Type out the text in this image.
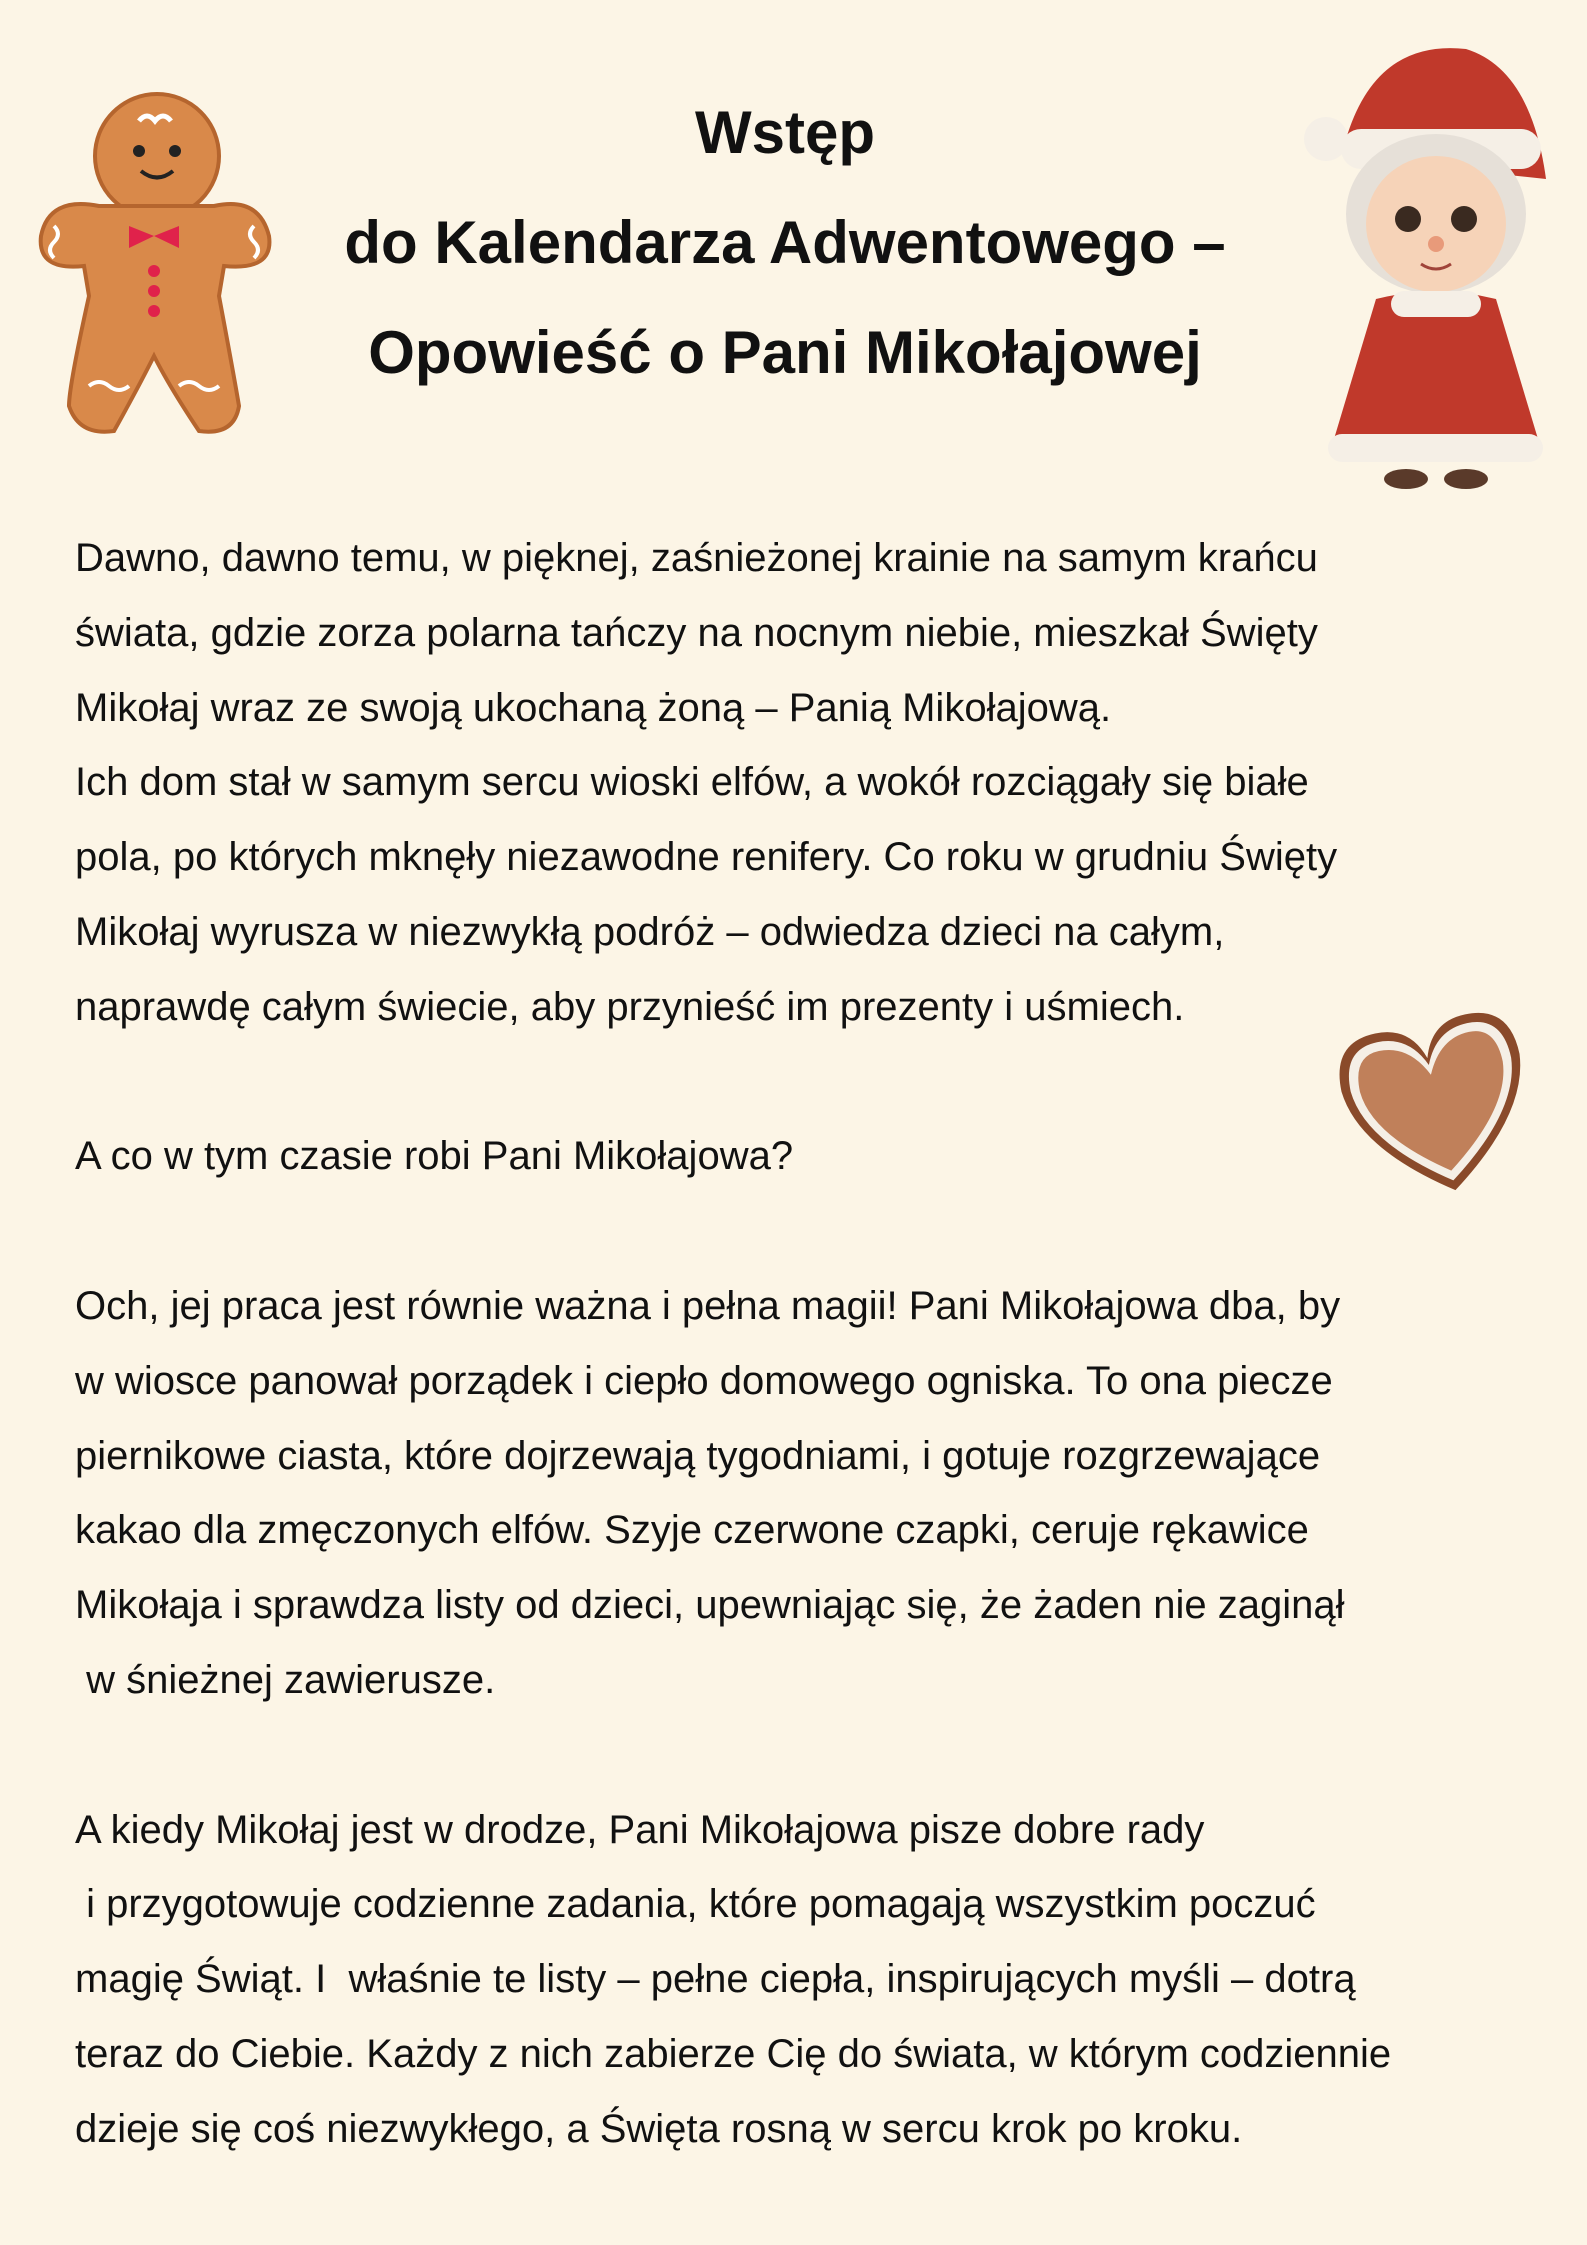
Wstęp
do Kalendarza Adwentowego –
Opowieść o Pani Mikołajowej
Dawno, dawno temu, w pięknej, zaśnieżonej krainie na samym krańcu
świata, gdzie zorza polarna tańczy na nocnym niebie, mieszkał Święty
Mikołaj wraz ze swoją ukochaną żoną – Panią Mikołajową.
Ich dom stał w samym sercu wioski elfów, a wokół rozciągały się białe
pola, po których mknęły niezawodne renifery. Co roku w grudniu Święty
Mikołaj wyrusza w niezwykłą podróż – odwiedza dzieci na całym,
naprawdę całym świecie, aby przynieść im prezenty i uśmiech.
A co w tym czasie robi Pani Mikołajowa?
Och, jej praca jest równie ważna i pełna magii! Pani Mikołajowa dba, by
w wiosce panował porządek i ciepło domowego ogniska. To ona piecze
piernikowe ciasta, które dojrzewają tygodniami, i gotuje rozgrzewające
kakao dla zmęczonych elfów. Szyje czerwone czapki, ceruje rękawice
Mikołaja i sprawdza listy od dzieci, upewniając się, że żaden nie zaginął
w śnieżnej zawierusze.
A kiedy Mikołaj jest w drodze, Pani Mikołajowa pisze dobre rady
i przygotowuje codzienne zadania, które pomagają wszystkim poczuć
magię Świąt. I  właśnie te listy – pełne ciepła, inspirujących myśli – dotrą
teraz do Ciebie. Każdy z nich zabierze Cię do świata, w którym codziennie
dzieje się coś niezwykłego, a Święta rosną w sercu krok po kroku.
